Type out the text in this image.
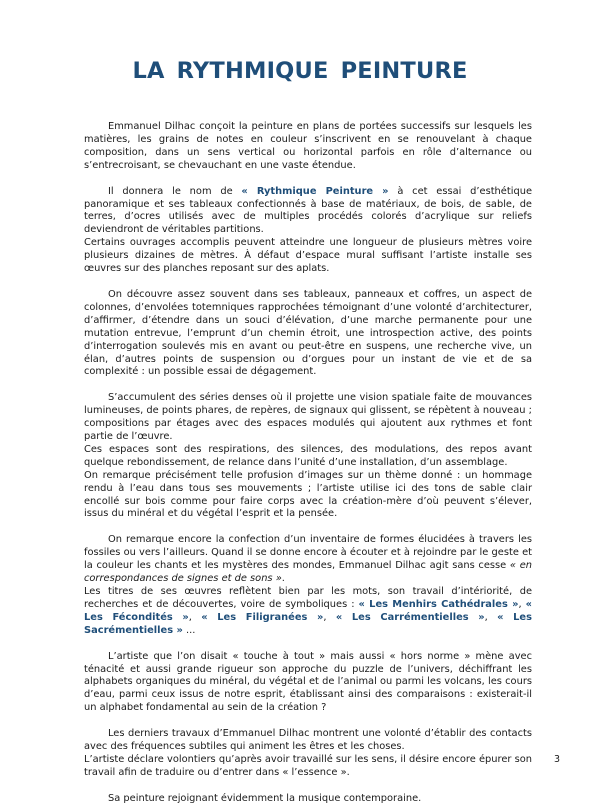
LA RYTHMIQUE PEINTURE

Emmanuel Dilhac conçoit la peinture en plans de portées successifs sur lesquels les matières, les grains de notes en couleur s’inscrivent en se renouvelant à chaque composition, dans un sens vertical ou horizontal parfois en rôle d’alternance ou s’entrecroisant, se chevauchant en une vaste étendue.

Il donnera le nom de « Rythmique Peinture » à cet essai d’esthétique panoramique et ses tableaux confectionnés à base de matériaux, de bois, de sable, de terres, d’ocres utilisés avec de multiples procédés colorés d’acrylique sur reliefs deviendront de véritables partitions.

Certains ouvrages accomplis peuvent atteindre une longueur de plusieurs mètres voire plusieurs dizaines de mètres. À défaut d’espace mural suffisant l’artiste installe ses œuvres sur des planches reposant sur des aplats.

On découvre assez souvent dans ses tableaux, panneaux et coffres, un aspect de colonnes, d’envolées totemniques rapprochées témoignant d’une volonté d’architecturer, d’affirmer, d’étendre dans un souci d’élévation, d’une marche permanente pour une mutation entrevue, l’emprunt d’un chemin étroit, une introspection active, des points d’interrogation soulevés mis en avant ou peut-être en suspens, une recherche vive, un élan, d’autres points de suspension ou d’orgues pour un instant de vie et de sa complexité : un possible essai de dégagement.

S’accumulent des séries denses où il projette une vision spatiale faite de mouvances lumineuses, de points phares, de repères, de signaux qui glissent, se répètent à nouveau ; compositions par étages avec des espaces modulés qui ajoutent aux rythmes et font partie de l’œuvre.

Ces espaces sont des respirations, des silences, des modulations, des repos avant quelque rebondissement, de relance dans l’unité d’une installation, d’un assemblage.

On remarque précisément telle profusion d’images sur un thème donné : un hommage rendu à l’eau dans tous ses mouvements ; l’artiste utilise ici des tons de sable clair encollé sur bois comme pour faire corps avec la création-mère d’où peuvent s’élever, issus du minéral et du végétal l’esprit et la pensée.

On remarque encore la confection d’un inventaire de formes élucidées à travers les fossiles ou vers l’ailleurs. Quand il se donne encore à écouter et à rejoindre par le geste et la couleur les chants et les mystères des mondes, Emmanuel Dilhac agit sans cesse « en correspondances de signes et de sons ».

Les titres de ses œuvres reflètent bien par les mots, son travail d’intériorité, de recherches et de découvertes, voire de symboliques : « Les Menhirs Cathédrales », « Les Fécondités », « Les Filigranées », « Les Carrémentielles », « Les Sacrémentielles » ...

L’artiste que l’on disait « touche à tout » mais aussi « hors norme » mène avec ténacité et aussi grande rigueur son approche du puzzle de l’univers, déchiffrant les alphabets organiques du minéral, du végétal et de l’animal ou parmi les volcans, les cours d’eau, parmi ceux issus de notre esprit, établissant ainsi des comparaisons : existerait-il un alphabet fondamental au sein de la création ?

Les derniers travaux d’Emmanuel Dilhac montrent une volonté d’établir des contacts avec des fréquences subtiles qui animent les êtres et les choses.

L’artiste déclare volontiers qu’après avoir travaillé sur les sens, il désire encore épurer son travail afin de traduire ou d’entrer dans « l’essence ».

Sa peinture rejoignant évidemment la musique contemporaine.

3
